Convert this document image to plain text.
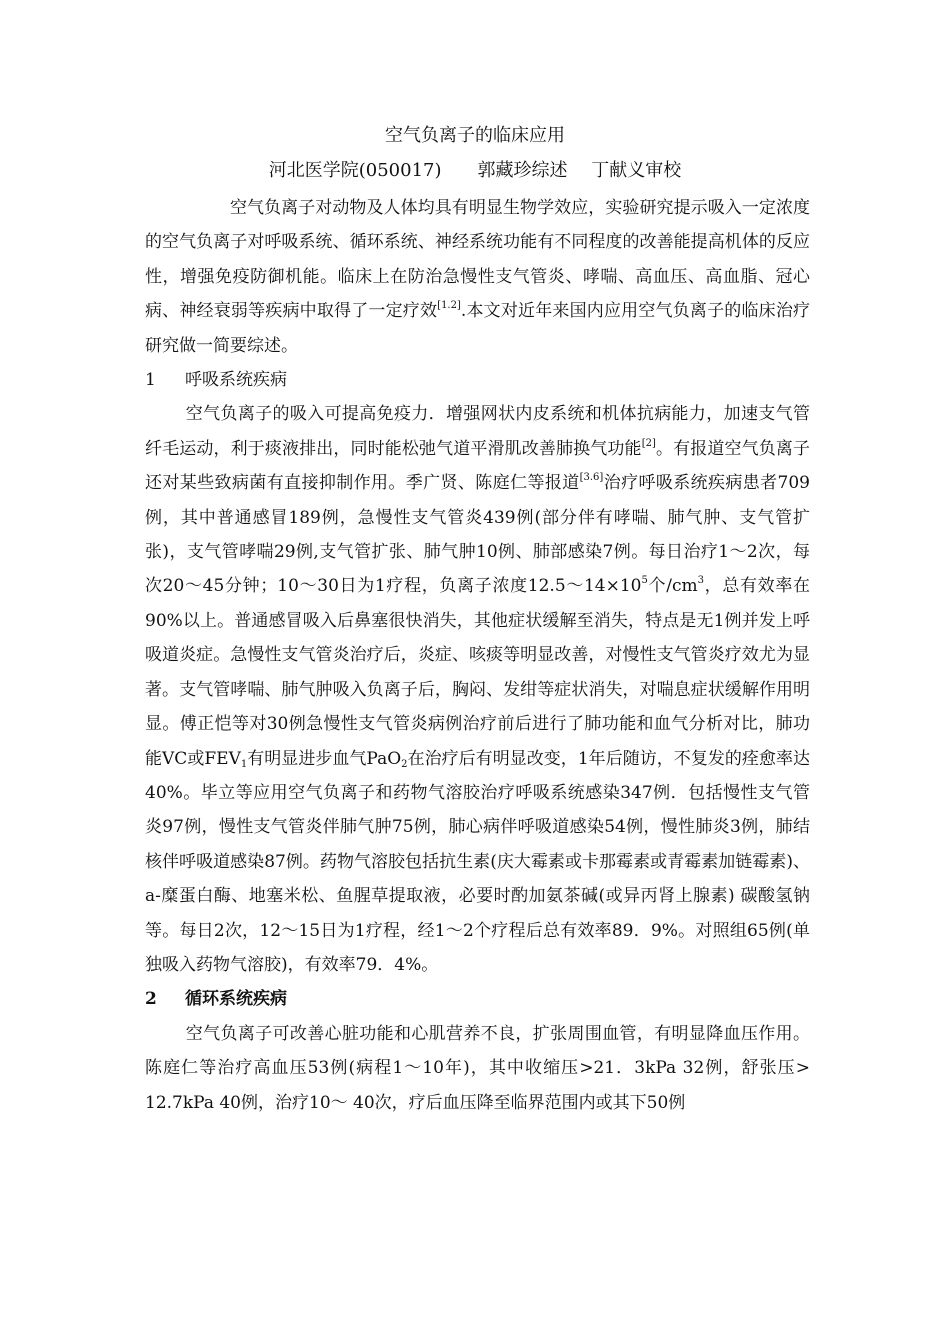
空气负离子的临床应用
河北医学院(050017)　　郭藏珍综述 丁献义审校

空气负离子对动物及人体均具有明显生物学效应，实验研究提示吸入一定浓度的空气负离子对呼吸系统、循环系统、神经系统功能有不同程度的改善能提高机体的反应性，增强免疫防御机能。临床上在防治急慢性支气管炎、哮喘、高血压、高血脂、冠心病、神经衰弱等疾病中取得了一定疗效[1.2].本文对近年来国内应用空气负离子的临床治疗研究做一简要综述。

1 呼吸系统疾病

空气负离子的吸入可提高免疫力．增强网状内皮系统和机体抗病能力，加速支气管纤毛运动，利于痰液排出，同时能松弛气道平滑肌改善肺换气功能[2]。有报道空气负离子还对某些致病菌有直接抑制作用。季广贤、陈庭仁等报道[3.6]治疗呼吸系统疾病患者709例，其中普通感冒189例，急慢性支气管炎439例(部分伴有哮喘、肺气肿、支气管扩张)，支气管哮喘29例,支气管扩张、肺气肿10例、肺部感染7例。每日治疗1～2次，每次20～45分钟；10～30日为1疗程，负离子浓度$12.5\sim 14\times 10^5$个$/cm^3$，总有效率在90%以上。普通感冒吸入后鼻塞很快消失，其他症状缓解至消失，特点是无1例并发上呼吸道炎症。急慢性支气管炎治疗后，炎症、咳痰等明显改善，对慢性支气管炎疗效尤为显著。支气管哮喘、肺气肿吸入负离子后，胸闷、发绀等症状消失，对喘息症状缓解作用明显。傅正恺等对30例急慢性支气管炎病例治疗前后进行了肺功能和血气分析对比，肺功能VC或$FEV_1$有明显进步血气PaO$_2$在治疗后有明显改变，1年后随访，不复发的痊愈率达40%。毕立等应用空气负离子和药物气溶胶治疗呼吸系统感染347例．包括慢性支气管炎97例，慢性支气管炎伴肺气肿75例，肺心病伴呼吸道感染54例，慢性肺炎3例，肺结核伴呼吸道感染87例。药物气溶胶包括抗生素(庆大霉素或卡那霉素或青霉素加链霉素)、a-糜蛋白酶、地塞米松、鱼腥草提取液，必要时酌加氨茶碱(或异丙肾上腺素) 碳酸氢钠等。每日2次，12～15日为1疗程，经1～2个疗程后总有效率89．9%。对照组65例(单独吸入药物气溶胶)，有效率79．4%。

2 循环系统疾病

空气负离子可改善心脏功能和心肌营养不良，扩张周围血管，有明显降血压作用。陈庭仁等治疗高血压53例(病程1～10年)，其中收缩压>21．3kPa 32例，舒张压> 12.7kPa 40例，治疗10～ 40次，疗后血压降至临界范围内或其下50例
